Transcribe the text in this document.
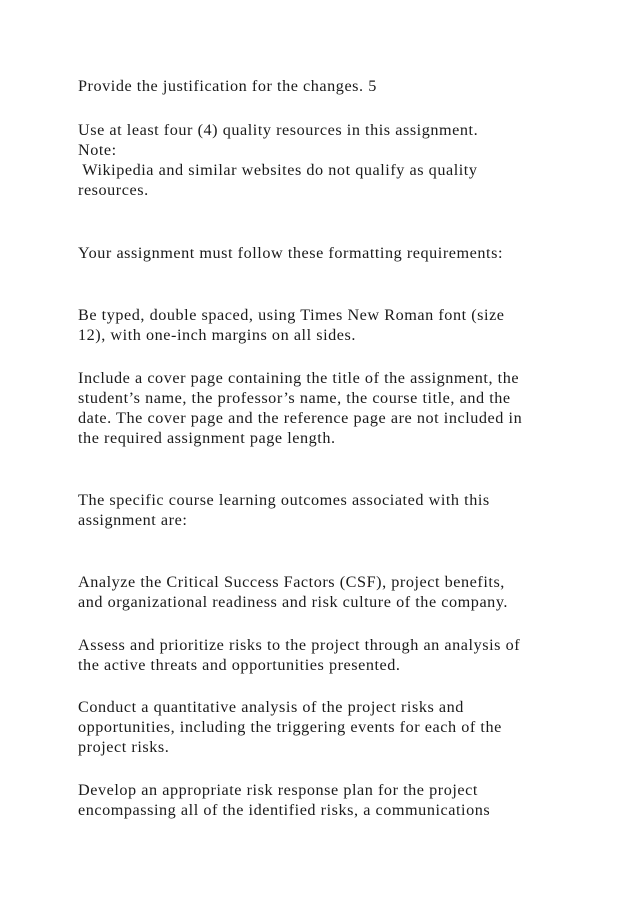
Provide the justification for the changes. 5

Use at least four (4) quality resources in this assignment.

Note:

Wikipedia and similar websites do not qualify as quality

resources.

Your assignment must follow these formatting requirements:

Be typed, double spaced, using Times New Roman font (size

12), with one-inch margins on all sides.

Include a cover page containing the title of the assignment, the

student’s name, the professor’s name, the course title, and the

date. The cover page and the reference page are not included in

the required assignment page length.

The specific course learning outcomes associated with this

assignment are:

Analyze the Critical Success Factors (CSF), project benefits,

and organizational readiness and risk culture of the company.

Assess and prioritize risks to the project through an analysis of

the active threats and opportunities presented.

Conduct a quantitative analysis of the project risks and

opportunities, including the triggering events for each of the

project risks.

Develop an appropriate risk response plan for the project

encompassing all of the identified risks, a communications
